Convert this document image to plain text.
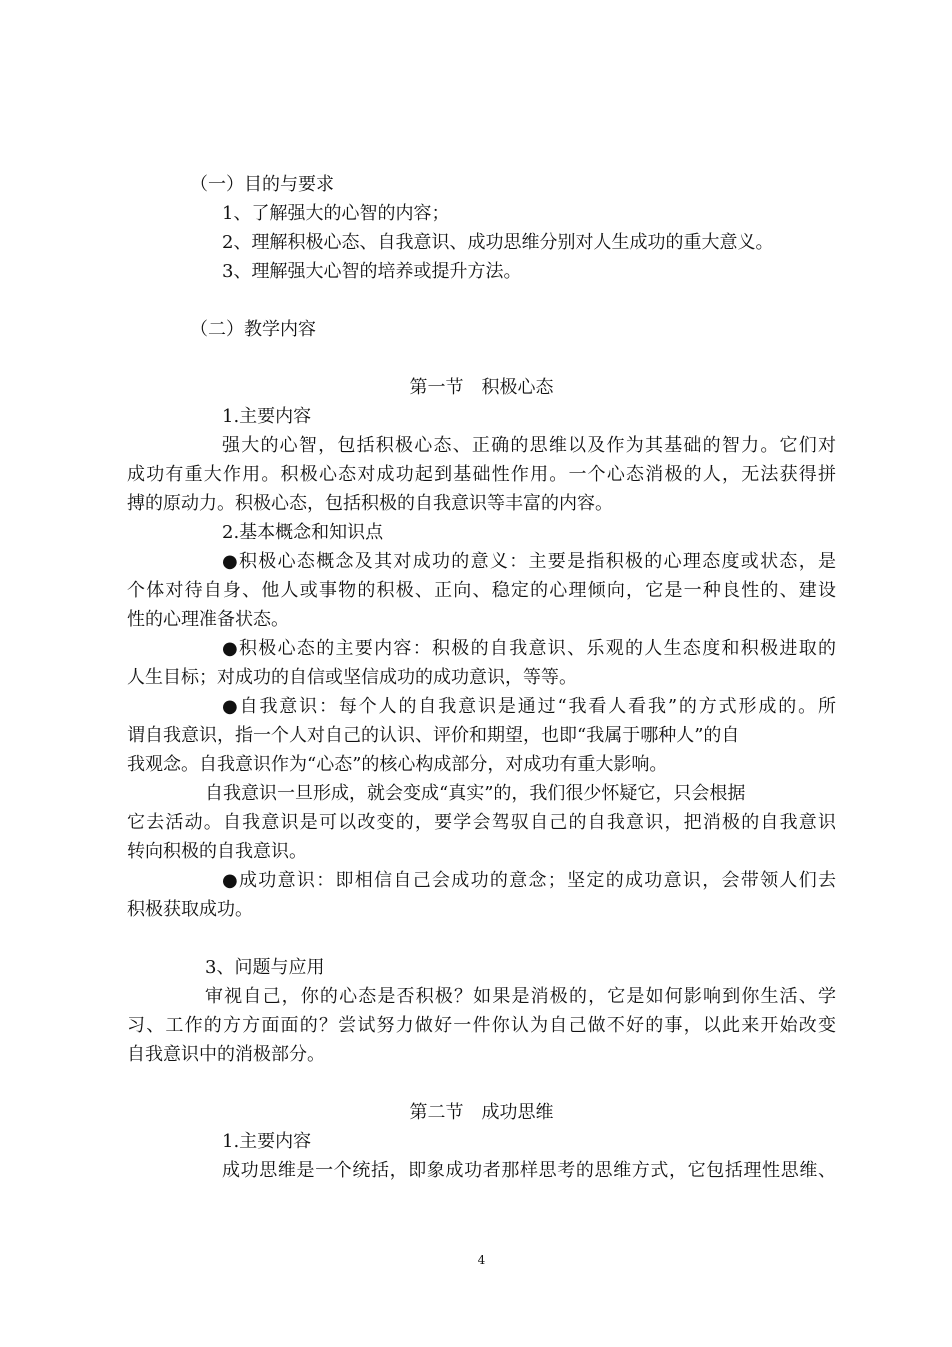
（一）目的与要求
1、了解强大的心智的内容；
2、理解积极心态、自我意识、成功思维分别对人生成功的重大意义。
3、理解强大心智的培养或提升方法。
（二）教学内容
第一节　积极心态
1.主要内容
强大的心智，包括积极心态、正确的思维以及作为其基础的智力。它们对
成功有重大作用。积极心态对成功起到基础性作用。一个心态消极的人，无法获得拼
搏的原动力。积极心态，包括积极的自我意识等丰富的内容。
2.基本概念和知识点
●积极心态概念及其对成功的意义：主要是指积极的心理态度或状态，是
个体对待自身、他人或事物的积极、正向、稳定的心理倾向，它是一种良性的、建设
性的心理准备状态。
●积极心态的主要内容：积极的自我意识、乐观的人生态度和积极进取的
人生目标；对成功的自信或坚信成功的成功意识，等等。
●自我意识：每个人的自我意识是通过“我看人看我”的方式形成的。所
谓自我意识，指一个人对自己的认识、评价和期望，也即“我属于哪种人”的自
我观念。自我意识作为“心态”的核心构成部分，对成功有重大影响。
自我意识一旦形成，就会变成“真实”的，我们很少怀疑它，只会根据
它去活动。自我意识是可以改变的，要学会驾驭自己的自我意识，把消极的自我意识
转向积极的自我意识。
●成功意识：即相信自己会成功的意念；坚定的成功意识，会带领人们去
积极获取成功。
3、问题与应用
审视自己，你的心态是否积极？如果是消极的，它是如何影响到你生活、学
习、工作的方方面面的？尝试努力做好一件你认为自己做不好的事，以此来开始改变
自我意识中的消极部分。
第二节　成功思维
1.主要内容
成功思维是一个统括，即象成功者那样思考的思维方式，它包括理性思维、
4
